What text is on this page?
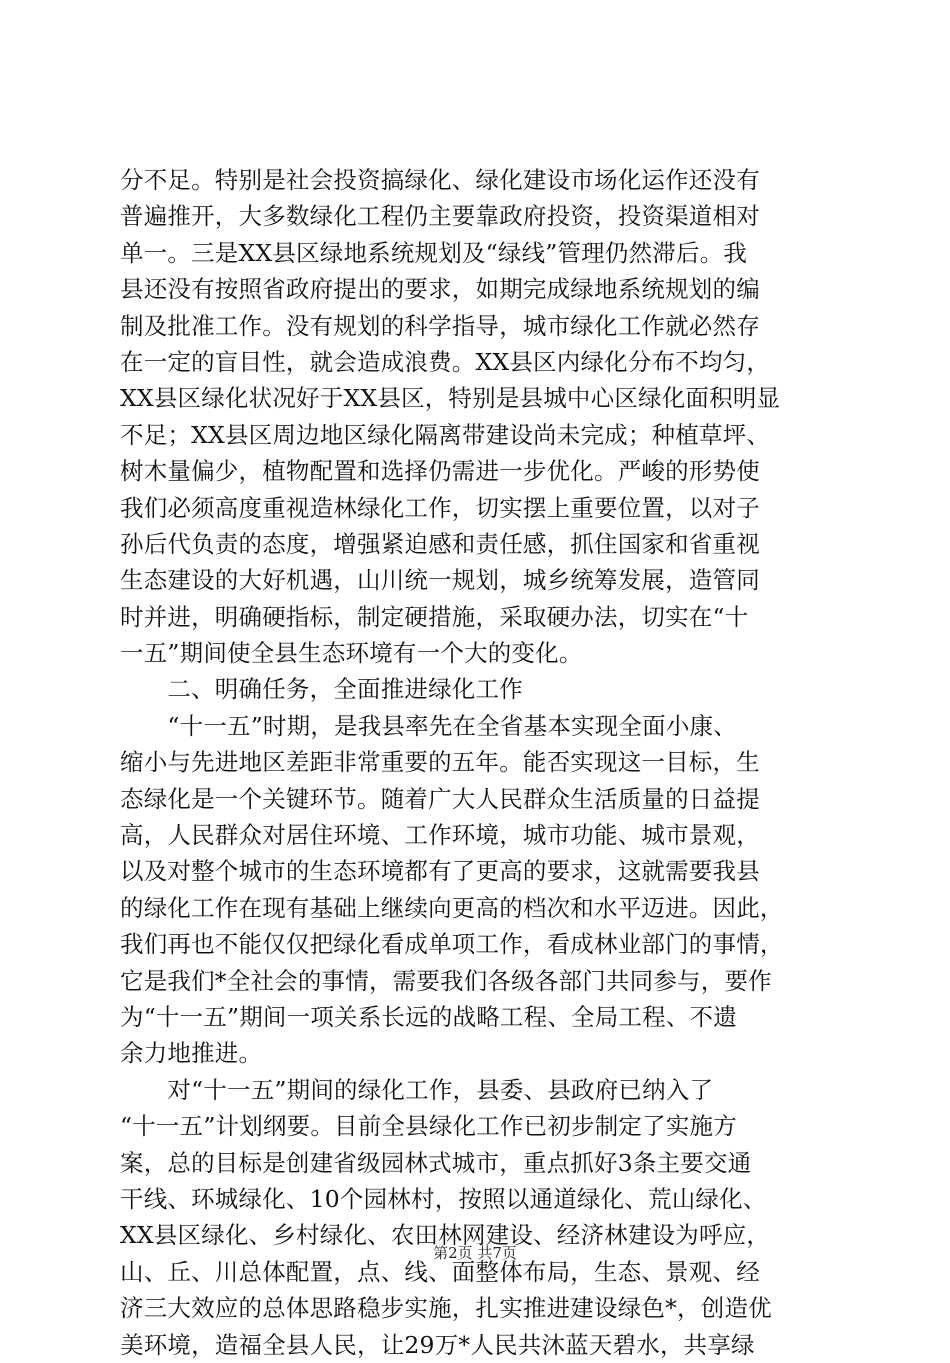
分不足。特别是社会投资搞绿化、绿化建设市场化运作还没有
普遍推开，大多数绿化工程仍主要靠政府投资，投资渠道相对
单一。三是XX县区绿地系统规划及“绿线”管理仍然滞后。我
县还没有按照省政府提出的要求，如期完成绿地系统规划的编
制及批准工作。没有规划的科学指导，城市绿化工作就必然存
在一定的盲目性，就会造成浪费。XX县区内绿化分布不均匀，
XX县区绿化状况好于XX县区，特别是县城中心区绿化面积明显
不足；XX县区周边地区绿化隔离带建设尚未完成；种植草坪、
树木量偏少，植物配置和选择仍需进一步优化。严峻的形势使
我们必须高度重视造林绿化工作，切实摆上重要位置，以对子
孙后代负责的态度，增强紧迫感和责任感，抓住国家和省重视
生态建设的大好机遇，山川统一规划，城乡统筹发展，造管同
时并进，明确硬指标，制定硬措施，采取硬办法，切实在“十
一五”期间使全县生态环境有一个大的变化。
　　二、明确任务，全面推进绿化工作
　　“十一五”时期，是我县率先在全省基本实现全面小康、
缩小与先进地区差距非常重要的五年。能否实现这一目标，生
态绿化是一个关键环节。随着广大人民群众生活质量的日益提
高，人民群众对居住环境、工作环境，城市功能、城市景观，
以及对整个城市的生态环境都有了更高的要求，这就需要我县
的绿化工作在现有基础上继续向更高的档次和水平迈进。因此，
我们再也不能仅仅把绿化看成单项工作，看成林业部门的事情，
它是我们*全社会的事情，需要我们各级各部门共同参与，要作
为“十一五”期间一项关系长远的战略工程、全局工程、不遗
余力地推进。
　　对“十一五”期间的绿化工作，县委、县政府已纳入了
“十一五”计划纲要。目前全县绿化工作已初步制定了实施方
案，总的目标是创建省级园林式城市，重点抓好3条主要交通
干线、环城绿化、10个园林村，按照以通道绿化、荒山绿化、
XX县区绿化、乡村绿化、农田林网建设、经济林建设为呼应，
山、丘、川总体配置，点、线、面整体布局，生态、景观、经
济三大效应的总体思路稳步实施，扎实推进建设绿色*，创造优
美环境，造福全县人民，让29万*人民共沐蓝天碧水，共享绿
第2页 共7页
